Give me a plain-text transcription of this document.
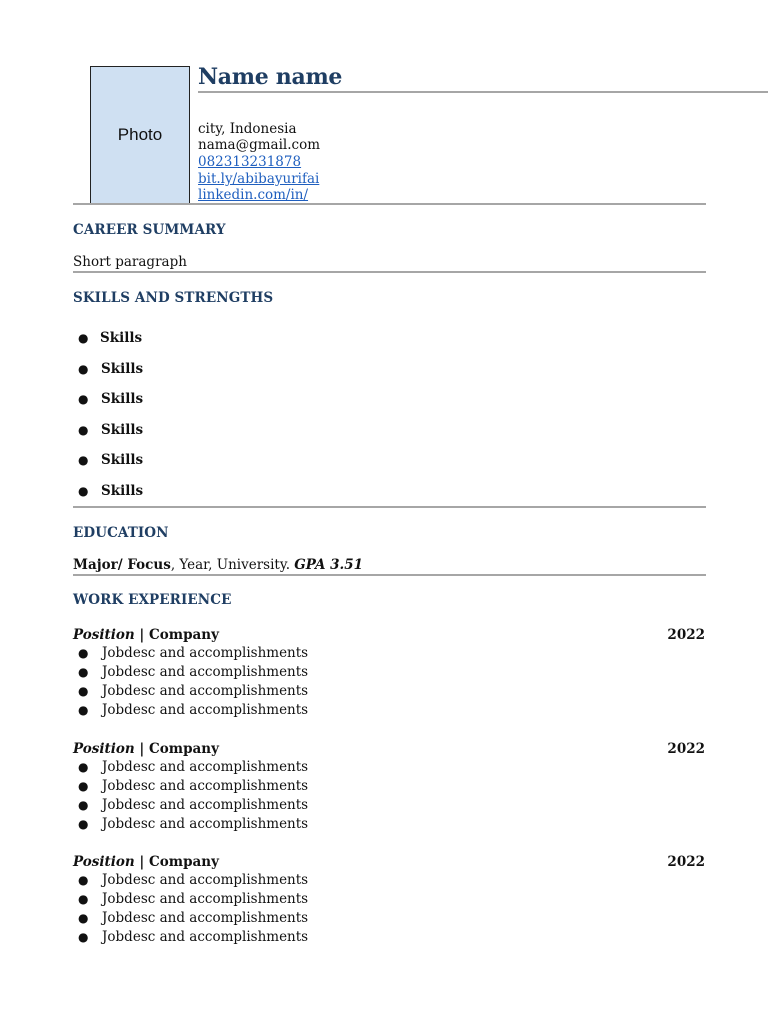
Photo
Name name
city, Indonesia
nama@gmail.com
082313231878
bit.ly/abibayurifai
linkedin.com/in/
CAREER SUMMARY
Short paragraph
SKILLS AND STRENGTHS
● Skills
● Skills
● Skills
● Skills
● Skills
● Skills
EDUCATION
Major/ Focus, Year, University. GPA 3.51
WORK EXPERIENCE
Position | Company	2022
● Jobdesc and accomplishments
● Jobdesc and accomplishments
● Jobdesc and accomplishments
● Jobdesc and accomplishments
Position | Company	2022
● Jobdesc and accomplishments
● Jobdesc and accomplishments
● Jobdesc and accomplishments
● Jobdesc and accomplishments
Position | Company	2022
● Jobdesc and accomplishments
● Jobdesc and accomplishments
● Jobdesc and accomplishments
● Jobdesc and accomplishments
